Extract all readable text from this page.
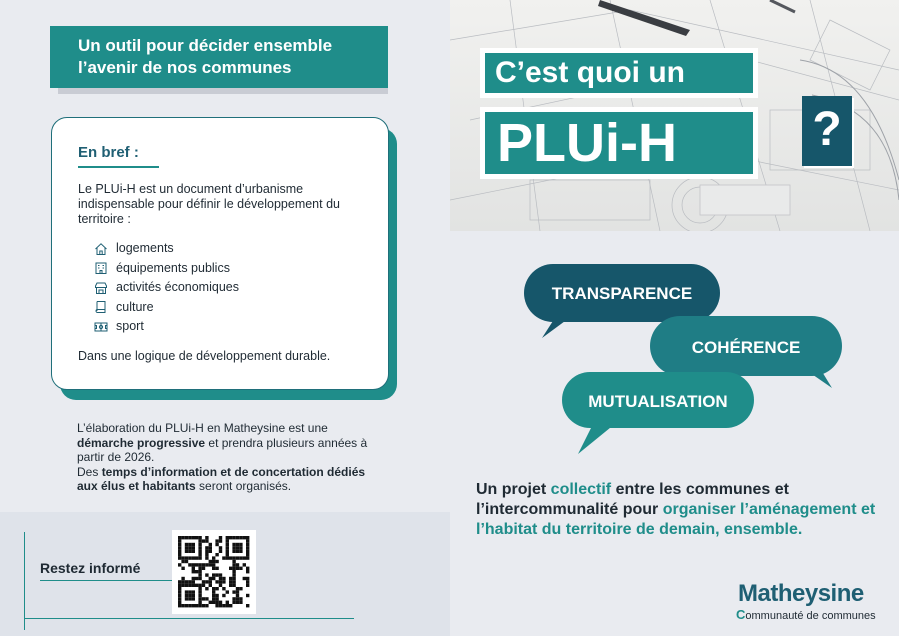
Un outil pour décider ensemble
l’avenir de nos communes
En bref :

Le PLUi-H est un document d’urbanisme indispensable pour définir le développement du territoire :

logements
équipements publics
activités économiques
culture
sport

Dans une logique de développement durable.

L’élaboration du PLUi-H en Matheysine est une démarche progressive et prendra plusieurs années à partir de 2026.
Des temps d’information et de concertation dédiés aux élus et habitants seront organisés.
Restez informé
C’est quoi un
PLUi-H	?
TRANSPARENCE
COHÉRENCE
MUTUALISATION
Un projet collectif entre les communes et l’intercommunalité pour organiser l’aménagement et l’habitat du territoire de demain, ensemble.
Matheysine
Communauté de communes
